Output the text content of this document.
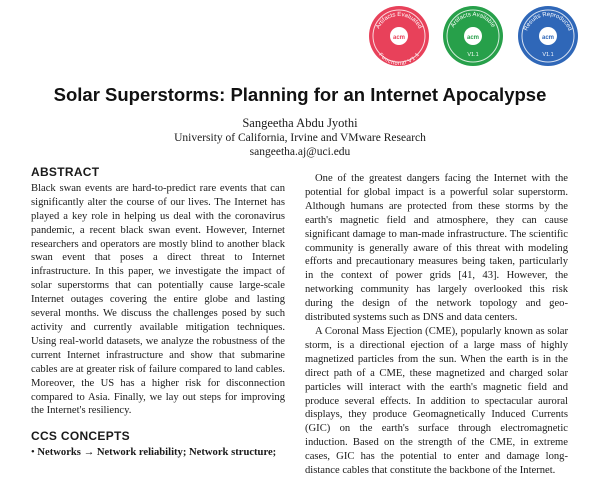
acm
Artifacts Evaluated
Functional V1.1
acm
Artifacts Available
V1.1
acm
Results Reproduced
V1.1
Solar Superstorms: Planning for an Internet Apocalypse
Sangeetha Abdu Jyothi
University of California, Irvine and VMware Research
sangeetha.aj@uci.edu
ABSTRACT

Black swan events are hard-to-predict rare events that can significantly alter the course of our lives. The Internet has played a key role in helping us deal with the coronavirus pandemic, a recent black swan event. However, Internet researchers and operators are mostly blind to another black swan event that poses a direct threat to Internet infrastructure. In this paper, we investigate the impact of solar superstorms that can potentially cause large-scale Internet outages covering the entire globe and lasting several months. We discuss the challenges posed by such activity and currently available mitigation techniques. Using real-world datasets, we analyze the robustness of the current Internet infrastructure and show that submarine cables are at greater risk of failure compared to land cables. Moreover, the US has a higher risk for disconnection compared to Asia. Finally, we lay out steps for improving the Internet's resiliency.

CCS CONCEPTS
• Networks → Network reliability; Network structure;

One of the greatest dangers facing the Internet with the potential for global impact is a powerful solar superstorm. Although humans are protected from these storms by the earth's magnetic field and atmosphere, they can cause significant damage to man-made infrastructure. The scientific community is generally aware of this threat with modeling efforts and precautionary measures being taken, particularly in the context of power grids [41, 43]. However, the networking community has largely overlooked this risk during the design of the network topology and geo-distributed systems such as DNS and data centers.

A Coronal Mass Ejection (CME), popularly known as solar storm, is a directional ejection of a large mass of highly magnetized particles from the sun. When the earth is in the direct path of a CME, these magnetized and charged solar particles will interact with the earth's magnetic field and produce several effects. In addition to spectacular auroral displays, they produce Geomagnetically Induced Currents (GIC) on the earth's surface through electromagnetic induction. Based on the strength of the CME, in extreme cases, GIC has the potential to enter and damage long-distance cables that constitute the backbone of the Internet.
